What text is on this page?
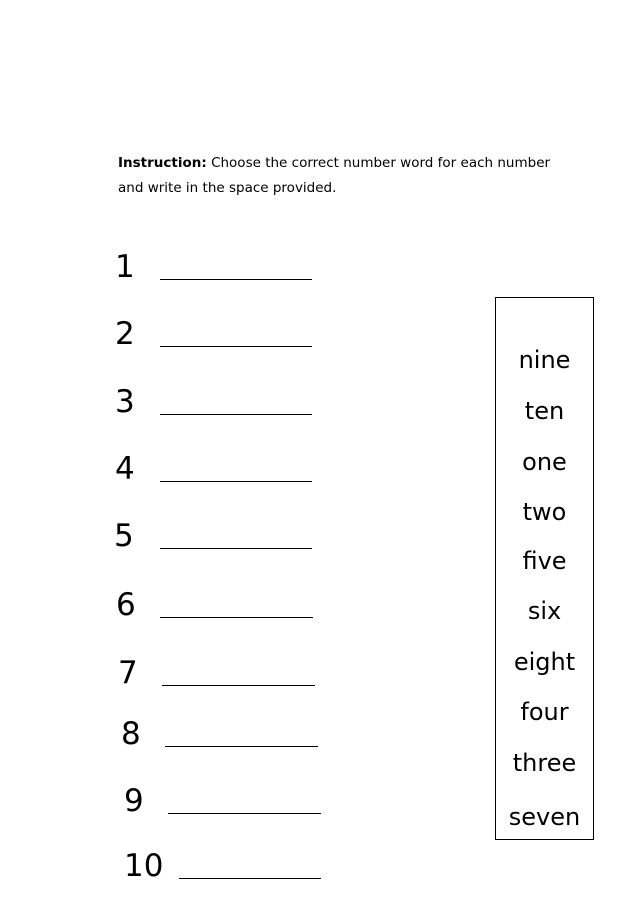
Instruction: Choose the correct number word for each number and write in the space provided.
1
2
3
4
5
6
7
8
9
10
nine
ten
one
two
five
six
eight
four
three
seven
